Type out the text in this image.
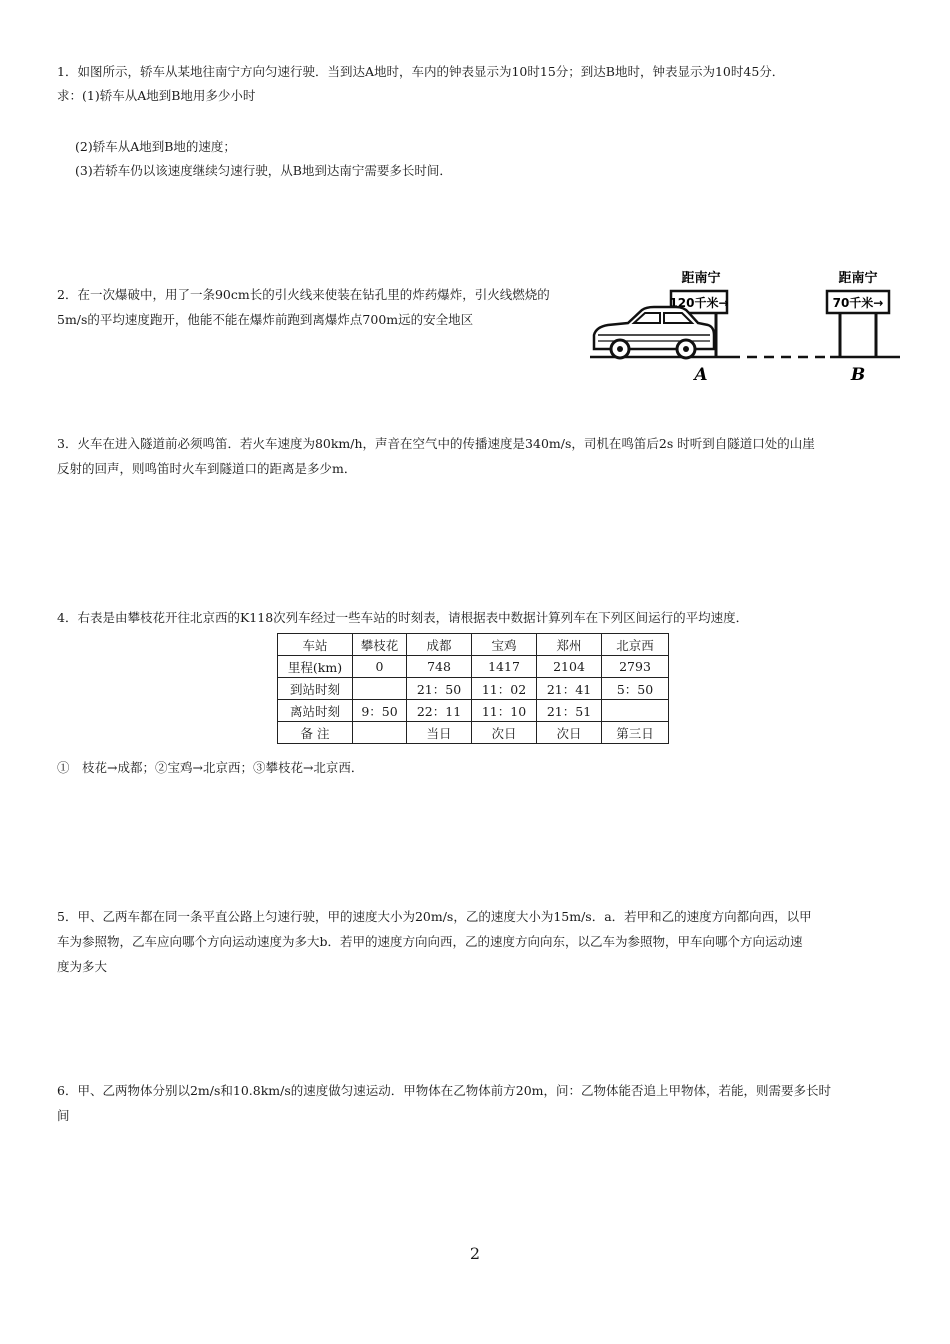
1．如图所示，轿车从某地往南宁方向匀速行驶．当到达A地时，车内的钟表显示为10时15分；到达B地时，钟表显示为10时45分．
求：(1)轿车从A地到B地用多少小时
(2)轿车从A地到B地的速度；
(3)若轿车仍以该速度继续匀速行驶，从B地到达南宁需要多长时间．
距南宁
120千米→
距南宁
70千米→
A	B
2．在一次爆破中，用了一条90cm长的引火线来使装在钻孔里的炸药爆炸，引火线燃烧的
5m/s的平均速度跑开，他能不能在爆炸前跑到离爆炸点700m远的安全地区
3．火车在进入隧道前必须鸣笛．若火车速度为80km/h，声音在空气中的传播速度是340m/s，司机在鸣笛后2s 时听到自隧道口处的山崖
反射的回声，则鸣笛时火车到隧道口的距离是多少m．
4．右表是由攀枝花开往北京西的K118次列车经过一些车站的时刻表，请根据表中数据计算列车在下列区间运行的平均速度．
车站	攀枝花	成都	宝鸡	郑州	北京西
里程(km)	0	748	1417	2104	2793
到站时刻		21：50	11：02	21：41	5：50
离站时刻	9：50	22：11	11：10	21：51	
备 注		当日	次日	次日	第三日
①　枝花→成都；②宝鸡→北京西；③攀枝花→北京西．
5．甲、乙两车都在同一条平直公路上匀速行驶，甲的速度大小为20m/s，乙的速度大小为15m/s．a．若甲和乙的速度方向都向西，以甲
车为参照物，乙车应向哪个方向运动速度为多大b．若甲的速度方向向西，乙的速度方向向东，以乙车为参照物，甲车向哪个方向运动速
度为多大
6．甲、乙两物体分别以2m/s和10.8km/s的速度做匀速运动．甲物体在乙物体前方20m，问：乙物体能否追上甲物体，若能，则需要多长时
间
2
